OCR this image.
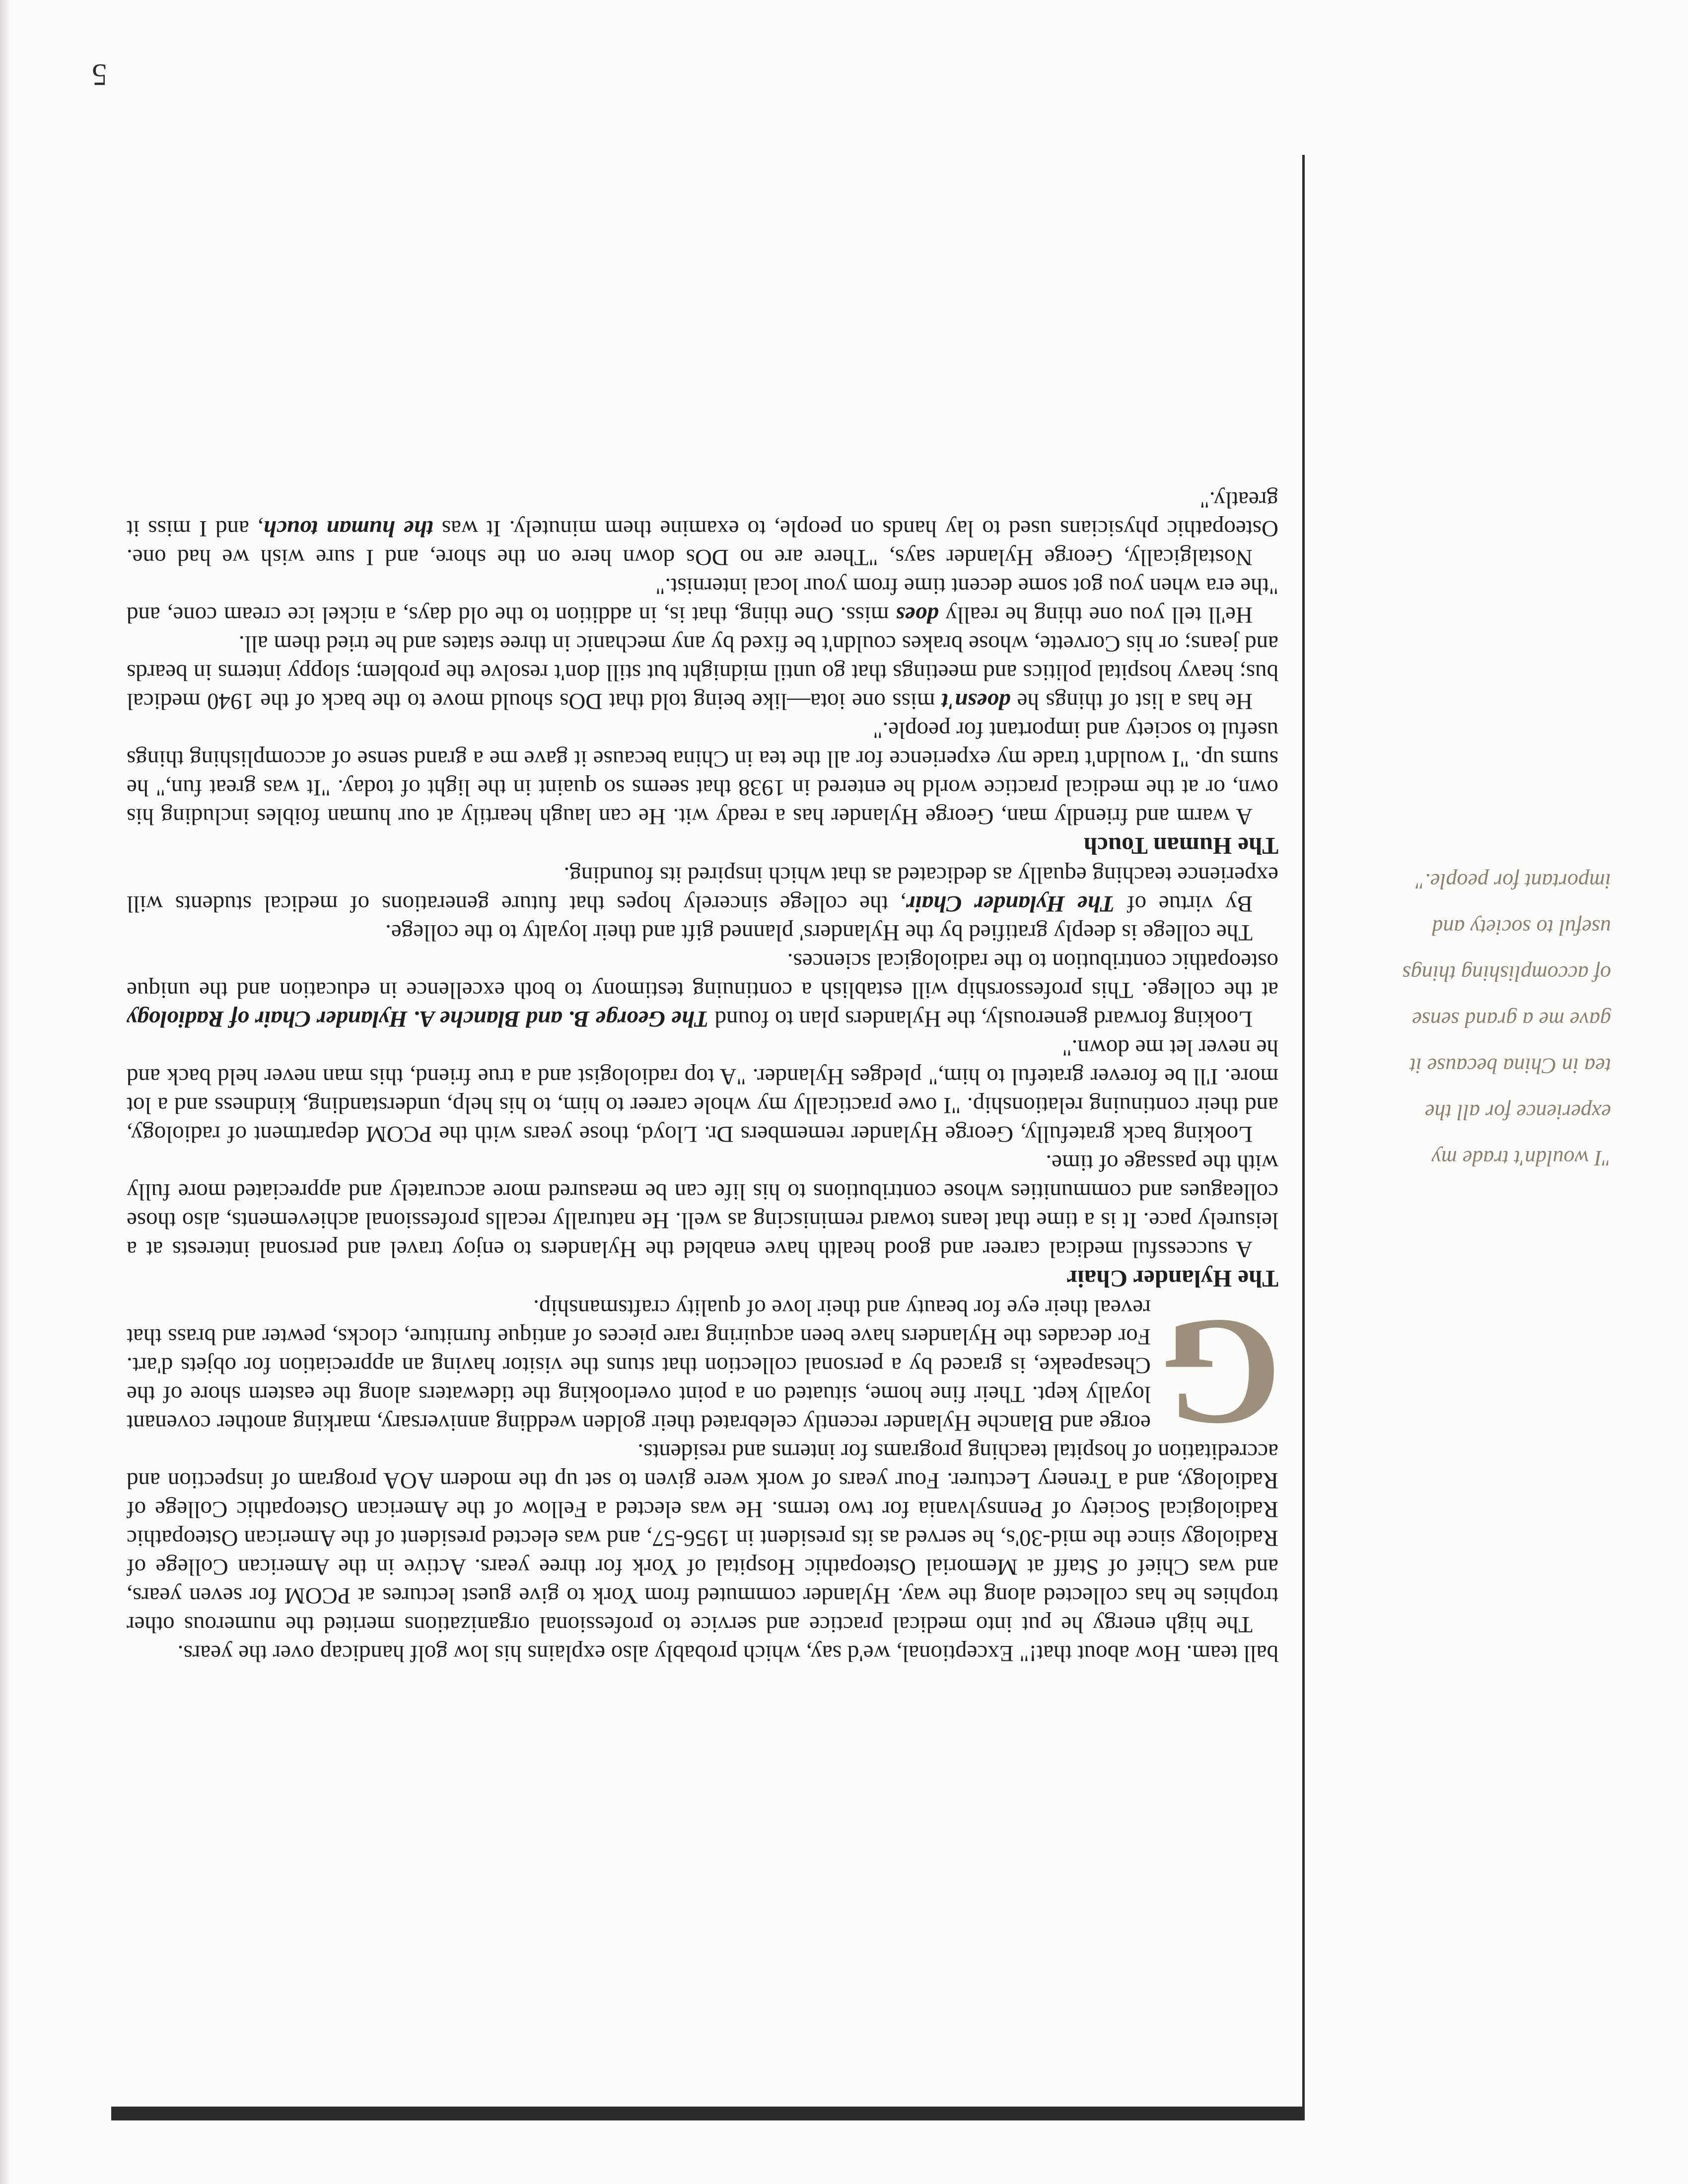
"I wouldn't trade my
experience for all the
tea in China because it
gave me a grand sense
of accomplishing things
useful to society and
important for people."

ball team. How about that!" Exceptional, we'd say, which probably also explains his low golf handicap over the years.

The high energy he put into medical practice and service to professional organizations merited the numerous other trophies he has collected along the way. Hylander commuted from York to give guest lectures at PCOM for seven years, and was Chief of Staff at Memorial Osteopathic Hospital of York for three years. Active in the American College of Radiology since the mid-30's, he served as its president in 1956-57, and was elected president of the American Osteopathic Radiological Society of Pennsylvania for two terms. He was elected a Fellow of the American Osteopathic College of Radiology, and a Trenery Lecturer. Four years of work were given to set up the modern AOA program of inspection and accreditation of hospital teaching programs for interns and residents.

G
eorge and Blanche Hylander recently celebrated their golden wedding anniversary, marking another covenant loyally kept. Their fine home, situated on a point overlooking the tidewaters along the eastern shore of the Chesapeake, is graced by a personal collection that stuns the visitor having an appreciation for objets d'art. For decades the Hylanders have been acquiring rare pieces of antique furniture, clocks, pewter and brass that reveal their eye for beauty and their love of quality craftsmanship.

The Hylander Chair

A successful medical career and good health have enabled the Hylanders to enjoy travel and personal interests at a leisurely pace. It is a time that leans toward reminiscing as well. He naturally recalls professional achievements, also those colleagues and communities whose contributions to his life can be measured more accurately and appreciated more fully with the passage of time.

Looking back gratefully, George Hylander remembers Dr. Lloyd, those years with the PCOM department of radiology, and their continuing relationship. "I owe practically my whole career to him, to his help, understanding, kindness and a lot more. I'll be forever grateful to him," pledges Hylander. "A top radiologist and a true friend, this man never held back and he never let me down."

Looking forward generously, the Hylanders plan to found The George B. and Blanche A. Hylander Chair of Radiology at the college. This professorship will establish a continuing testimony to both excellence in education and the unique osteopathic contribution to the radiological sciences.

The college is deeply gratified by the Hylanders' planned gift and their loyalty to the college.

By virtue of The Hylander Chair, the college sincerely hopes that future generations of medical students will experience teaching equally as dedicated as that which inspired its founding.

The Human Touch

A warm and friendly man, George Hylander has a ready wit. He can laugh heartily at our human foibles including his own, or at the medical practice world he entered in 1938 that seems so quaint in the light of today. "It was great fun," he sums up. "I wouldn't trade my experience for all the tea in China because it gave me a grand sense of accomplishing things useful to society and important for people."

He has a list of things he doesn't miss one iota—like being told that DOs should move to the back of the 1940 medical bus; heavy hospital politics and meetings that go until midnight but still don't resolve the problem; sloppy interns in beards and jeans; or his Corvette, whose brakes couldn't be fixed by any mechanic in three states and he tried them all.

He'll tell you one thing he really does miss. One thing, that is, in addition to the old days, a nickel ice cream cone, and "the era when you got some decent time from your local internist."

Nostalgically, George Hylander says, "There are no DOs down here on the shore, and I sure wish we had one. Osteopathic physicians used to lay hands on people, to examine them minutely. It was the human touch, and I miss it greatly."

5
